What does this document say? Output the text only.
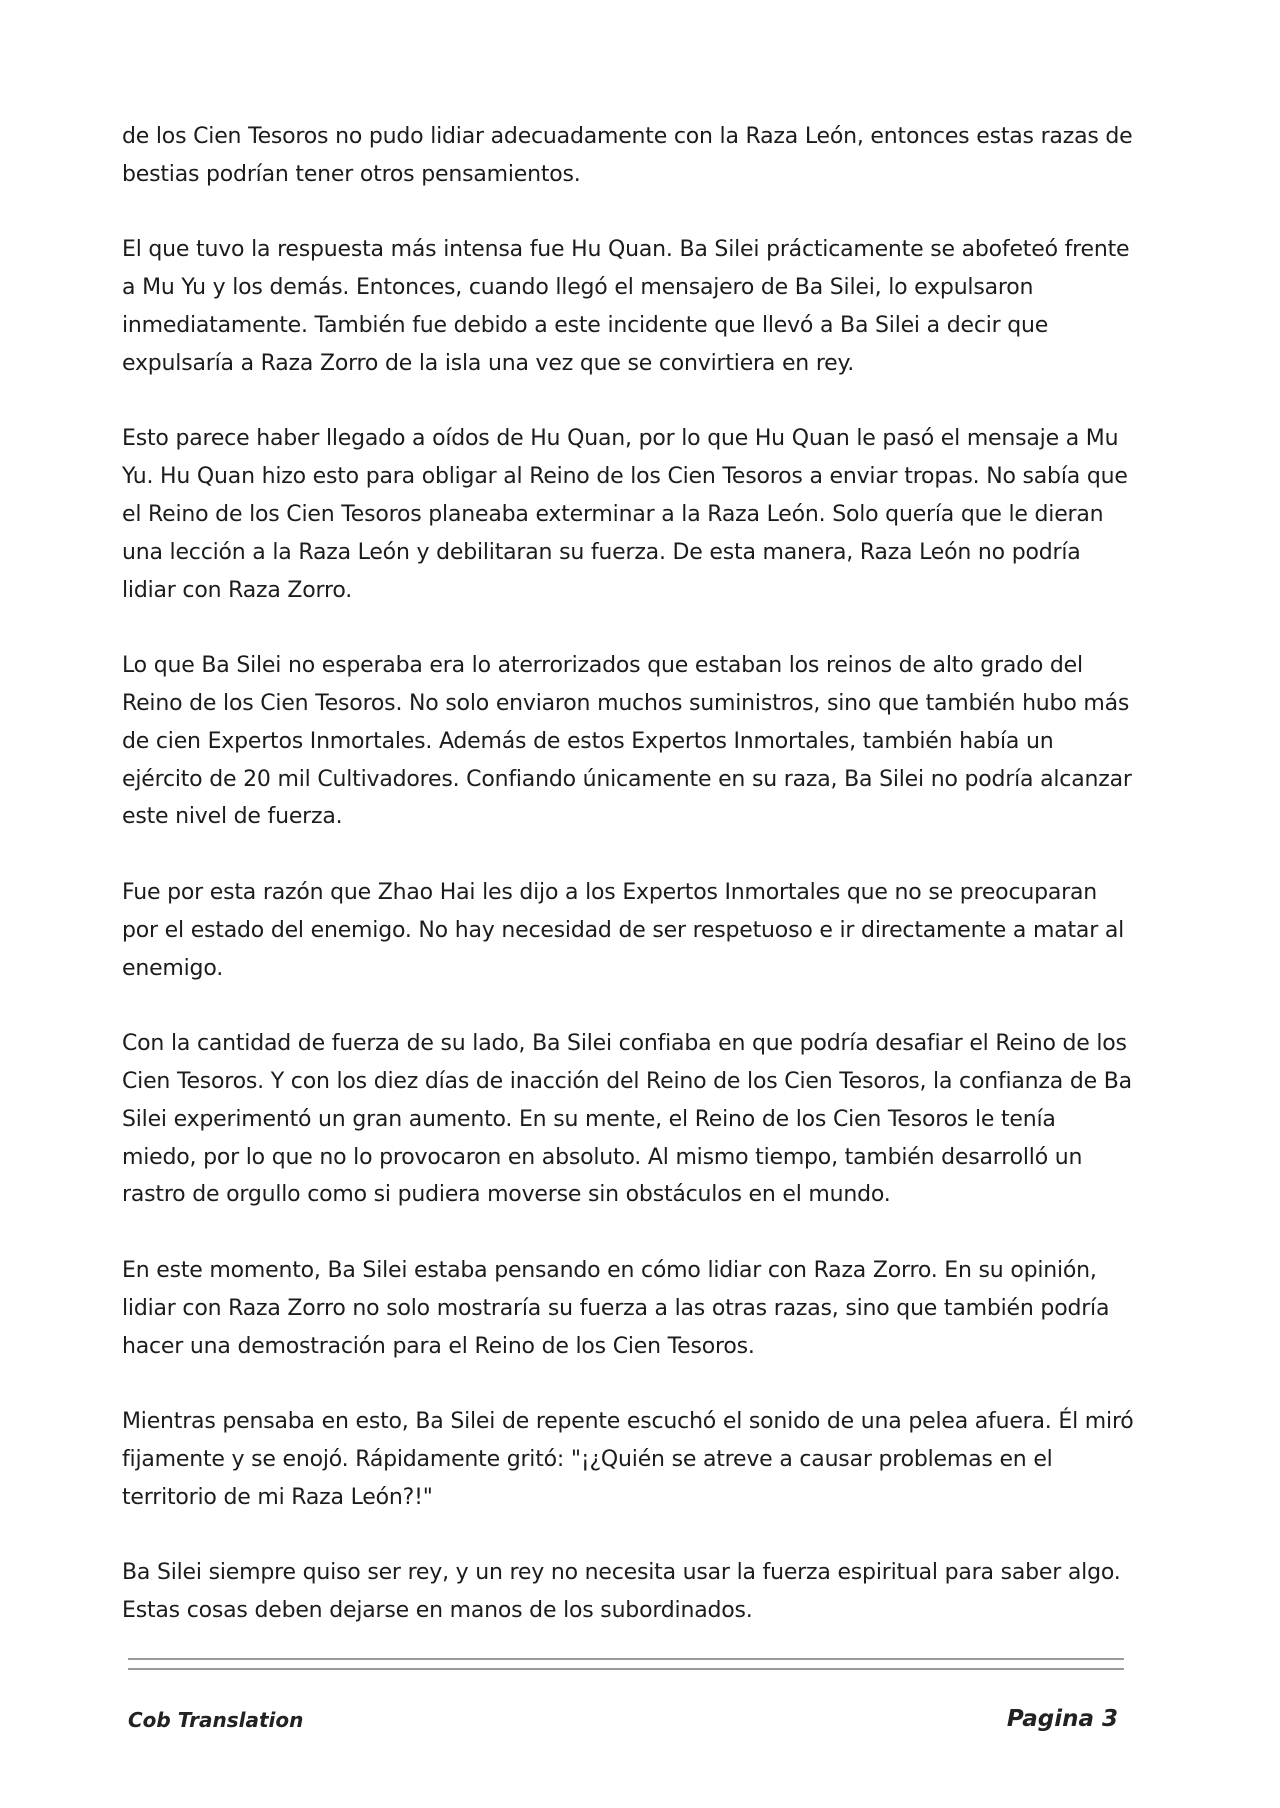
de los Cien Tesoros no pudo lidiar adecuadamente con la Raza León, entonces estas razas de bestias podrían tener otros pensamientos.

El que tuvo la respuesta más intensa fue Hu Quan. Ba Silei prácticamente se abofeteó frente a Mu Yu y los demás. Entonces, cuando llegó el mensajero de Ba Silei, lo expulsaron inmediatamente. También fue debido a este incidente que llevó a Ba Silei a decir que expulsaría a Raza Zorro de la isla una vez que se convirtiera en rey.

Esto parece haber llegado a oídos de Hu Quan, por lo que Hu Quan le pasó el mensaje a Mu Yu. Hu Quan hizo esto para obligar al Reino de los Cien Tesoros a enviar tropas. No sabía que el Reino de los Cien Tesoros planeaba exterminar a la Raza León. Solo quería que le dieran una lección a la Raza León y debilitaran su fuerza. De esta manera, Raza León no podría lidiar con Raza Zorro.

Lo que Ba Silei no esperaba era lo aterrorizados que estaban los reinos de alto grado del Reino de los Cien Tesoros. No solo enviaron muchos suministros, sino que también hubo más de cien Expertos Inmortales. Además de estos Expertos Inmortales, también había un ejército de 20 mil Cultivadores. Confiando únicamente en su raza, Ba Silei no podría alcanzar este nivel de fuerza.

Fue por esta razón que Zhao Hai les dijo a los Expertos Inmortales que no se preocuparan por el estado del enemigo. No hay necesidad de ser respetuoso e ir directamente a matar al enemigo.

Con la cantidad de fuerza de su lado, Ba Silei confiaba en que podría desafiar el Reino de los Cien Tesoros. Y con los diez días de inacción del Reino de los Cien Tesoros, la confianza de Ba Silei experimentó un gran aumento. En su mente, el Reino de los Cien Tesoros le tenía miedo, por lo que no lo provocaron en absoluto. Al mismo tiempo, también desarrolló un rastro de orgullo como si pudiera moverse sin obstáculos en el mundo.

En este momento, Ba Silei estaba pensando en cómo lidiar con Raza Zorro. En su opinión, lidiar con Raza Zorro no solo mostraría su fuerza a las otras razas, sino que también podría hacer una demostración para el Reino de los Cien Tesoros.

Mientras pensaba en esto, Ba Silei de repente escuchó el sonido de una pelea afuera. Él miró fijamente y se enojó. Rápidamente gritó: "¡¿Quién se atreve a causar problemas en el territorio de mi Raza León?!"

Ba Silei siempre quiso ser rey, y un rey no necesita usar la fuerza espiritual para saber algo. Estas cosas deben dejarse en manos de los subordinados.

Cob Translation	Pagina 3
